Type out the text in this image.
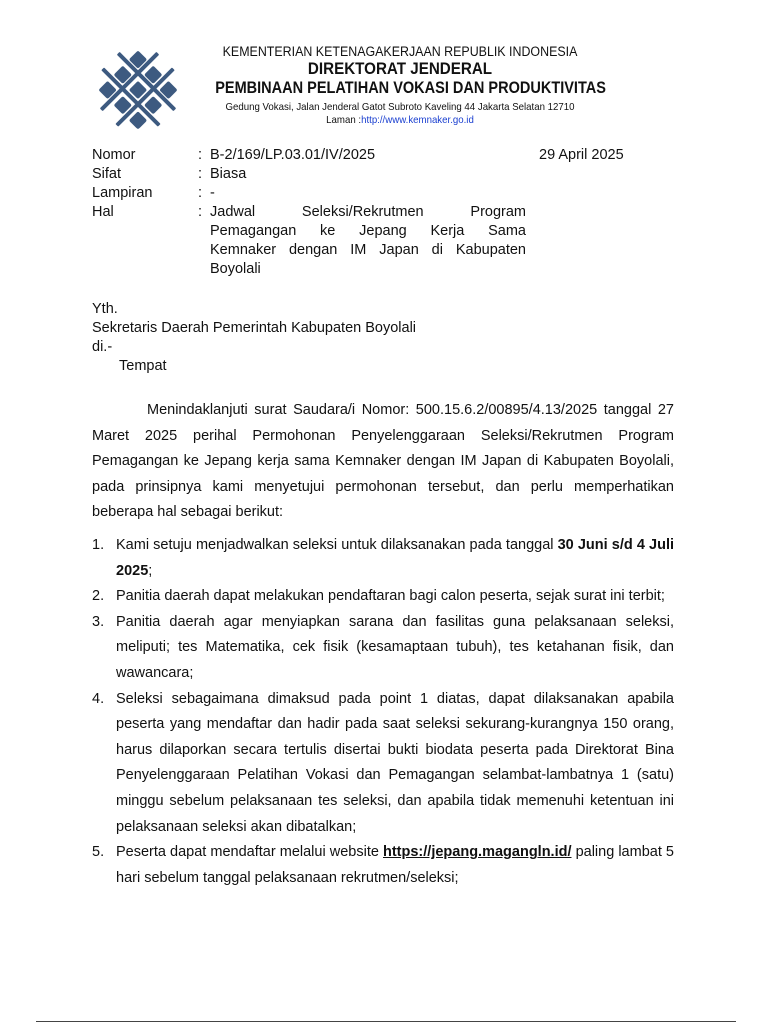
KEMENTERIAN KETENAGAKERJAAN REPUBLIK INDONESIA
DIREKTORAT JENDERAL
PEMBINAAN PELATIHAN VOKASI DAN PRODUKTIVITAS
Gedung Vokasi, Jalan Jenderal Gatot Subroto Kaveling 44 Jakarta Selatan 12710
Laman :http://www.kemnaker.go.id
29 April 2025
Nomor	: B-2/169/LP.03.01/IV/2025
Sifat	: Biasa
Lampiran	: -
Hal	: Jadwal Seleksi/Rekrutmen Program
Pemagangan ke Jepang Kerja Sama
Kemnaker dengan IM Japan di Kabupaten
Boyolali
Yth.
Sekretaris Daerah Pemerintah Kabupaten Boyolali
di.-
Tempat

Menindaklanjuti surat Saudara/i Nomor: 500.15.6.2/00895/4.13/2025 tanggal 27 Maret 2025 perihal Permohonan Penyelenggaraan Seleksi/Rekrutmen Program Pemagangan ke Jepang kerja sama Kemnaker dengan IM Japan di Kabupaten Boyolali, pada prinsipnya kami menyetujui permohonan tersebut, dan perlu memperhatikan beberapa hal sebagai berikut:

1. Kami setuju menjadwalkan seleksi untuk dilaksanakan pada tanggal 30 Juni s/d 4 Juli 2025;
2. Panitia daerah dapat melakukan pendaftaran bagi calon peserta, sejak surat ini terbit;
3. Panitia daerah agar menyiapkan sarana dan fasilitas guna pelaksanaan seleksi, meliputi; tes Matematika, cek fisik (kesamaptaan tubuh), tes ketahanan fisik, dan wawancara;
4. Seleksi sebagaimana dimaksud pada point 1 diatas, dapat dilaksanakan apabila peserta yang mendaftar dan hadir pada saat seleksi sekurang-kurangnya 150 orang, harus dilaporkan secara tertulis disertai bukti biodata peserta pada Direktorat Bina Penyelenggaraan Pelatihan Vokasi dan Pemagangan selambat-lambatnya 1 (satu) minggu sebelum pelaksanaan tes seleksi, dan apabila tidak memenuhi ketentuan ini pelaksanaan seleksi akan dibatalkan;
5. Peserta dapat mendaftar melalui website https://jepang.magangln.id/ paling lambat 5 hari sebelum tanggal pelaksanaan rekrutmen/seleksi;
